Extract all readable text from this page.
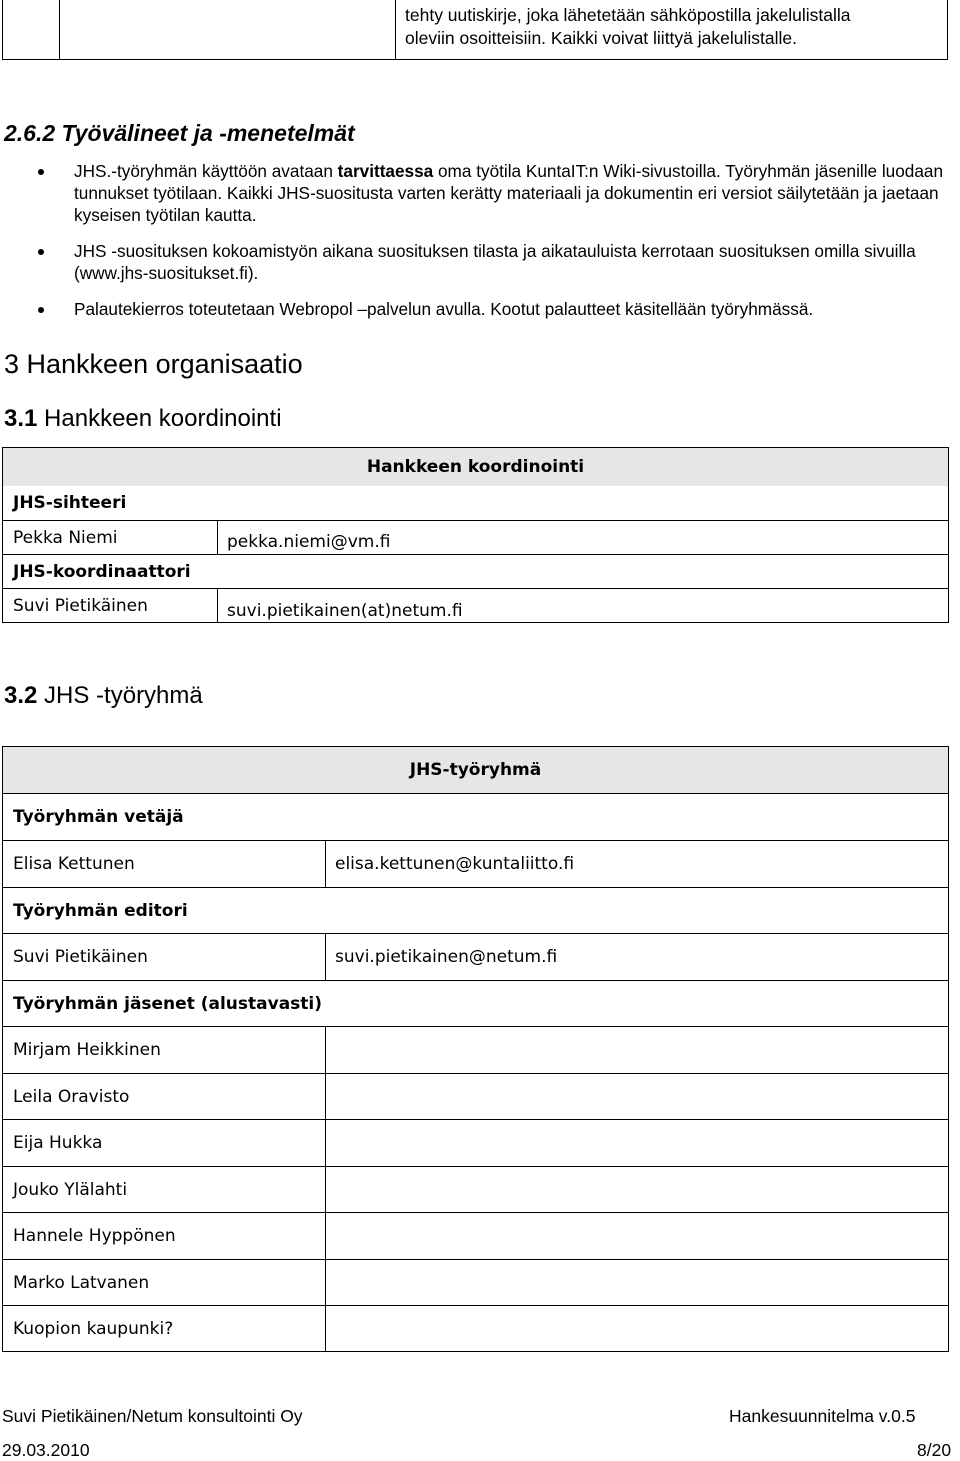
tehty uutiskirje, joka lähetetään sähköpostilla jakelulistalla
oleviin osoitteisiin. Kaikki voivat liittyä jakelulistalle.
2.6.2 Työvälineet ja -menetelmät
JHS.-työryhmän käyttöön avataan tarvittaessa oma työtila KuntaIT:n Wiki-sivustoilla. Työryhmän jäsenille luodaan tunnukset työtilaan. Kaikki JHS-suositusta varten kerätty materiaali ja dokumentin eri versiot säilytetään ja jaetaan kyseisen työtilan kautta.
JHS -suosituksen kokoamistyön aikana suosituksen tilasta ja aikatauluista kerrotaan suosituksen omilla sivuilla (www.jhs-suositukset.fi).
Palautekierros toteutetaan Webropol –palvelun avulla. Kootut palautteet käsitellään työryhmässä.
3 Hankkeen organisaatio
3.1 Hankkeen koordinointi
Hankkeen koordinointi
JHS-sihteeri
Pekka Niemi	pekka.niemi@vm.fi
JHS-koordinaattori
Suvi Pietikäinen	suvi.pietikainen(at)netum.fi
3.2 JHS -työryhmä
JHS-työryhmä
Työryhmän vetäjä
Elisa Kettunen	elisa.kettunen@kuntaliitto.fi
Työryhmän editori
Suvi Pietikäinen	suvi.pietikainen@netum.fi
Työryhmän jäsenet (alustavasti)
Mirjam Heikkinen
Leila Oravisto
Eija Hukka
Jouko Ylälahti
Hannele Hyppönen
Marko Latvanen
Kuopion kaupunki?
Suvi Pietikäinen/Netum konsultointi Oy	Hankesuunnitelma v.0.5
29.03.2010	8/20
